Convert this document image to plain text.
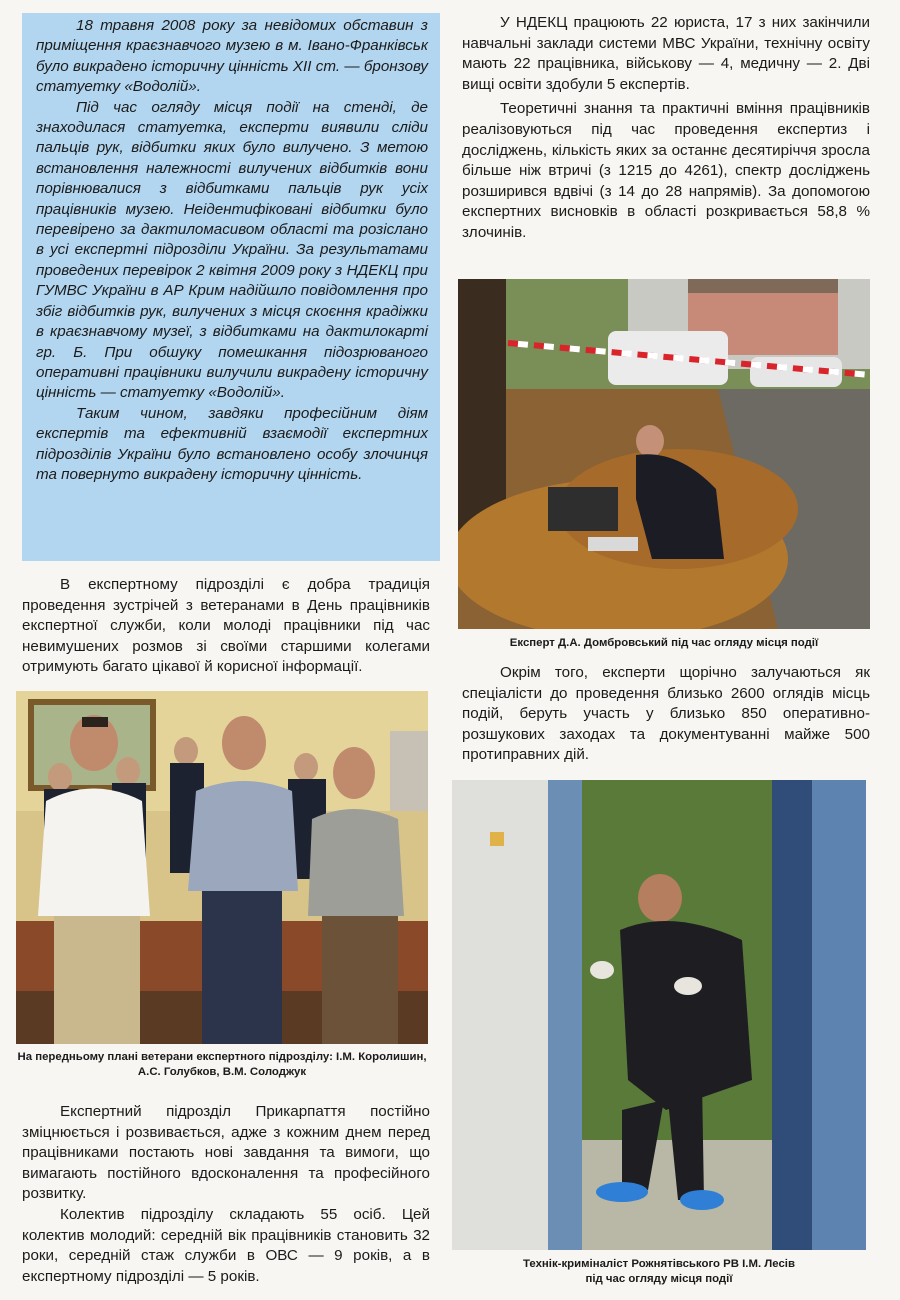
18 травня 2008 року за невідомих обставин з приміщення краєзнавчого музею в м. Івано-Франківськ було викрадено історичну цінність XII ст. — бронзову статуетку «Водолій».

Під час огляду місця події на стенді, де знаходилася статуетка, експерти виявили сліди пальців рук, відбитки яких було вилучено. З метою встановлення належності вилучених відбитків вони порівнювалися з відбитками пальців рук усіх працівників музею. Неідентифіковані відбитки було перевірено за дактиломасивом області та розіслано в усі експертні підрозділи України. За результатами проведених перевірок 2 квітня 2009 року з НДЕКЦ при ГУМВС України в АР Крим надійшло повідомлення про збіг відбитків рук, вилучених з місця скоєння крадіжки в краєзнавчому музеї, з відбитками на дактилокарті гр. Б. При обшуку помешкання підозрюваного оперативні працівники вилучили викрадену історичну цінність — статуетку «Водолій».

Таким чином, завдяки професійним діям експертів та ефективній взаємодії експертних підрозділів України було встановлено особу злочинця та повернуто викрадену історичну цінність.

В експертному підрозділі є добра традиція проведення зустрічей з ветеранами в День працівників експертної служби, коли молоді працівники під час невимушених розмов зі своїми старшими колегами отримують багато цікавої й корисної інформації.

На передньому плані ветерани експертного підрозділу: І.М. Королишин, А.С. Голубков, В.М. Солоджук

Експертний підрозділ Прикарпаття постійно зміцнюється і розвивається, адже з кожним днем перед працівниками постають нові завдання та вимоги, що вимагають постійного вдосконалення та професійного розвитку.

Колектив підрозділу складають 55 осіб. Цей колектив молодий: середній вік працівників становить 32 роки, середній стаж служби в ОВС — 9 років, а в експертному підрозділі — 5 років.

У НДЕКЦ працюють 22 юриста, 17 з них закінчили навчальні заклади системи МВС України, технічну освіту мають 22 працівника, військову — 4, медичну — 2. Дві вищі освіти здобули 5 експертів.

Теоретичні знання та практичні вміння працівників реалізовуються під час проведення експертиз і досліджень, кількість яких за останнє десятиріччя зросла більше ніж втричі (з 1215 до 4261), спектр досліджень розширився вдвічі (з 14 до 28 напрямів). За допомогою експертних висновків в області розкривається 58,8 % злочинів.

Експерт Д.А. Домбровський під час огляду місця події

Окрім того, експерти щорічно залучаються як спеціалісти до проведення близько 2600 оглядів місць подій, беруть участь у близько 850 оперативно-розшукових заходах та документуванні майже 500 протиправних дій.

Технік-криміналіст Рожнятівського РВ І.М. Лесів
під час огляду місця події
